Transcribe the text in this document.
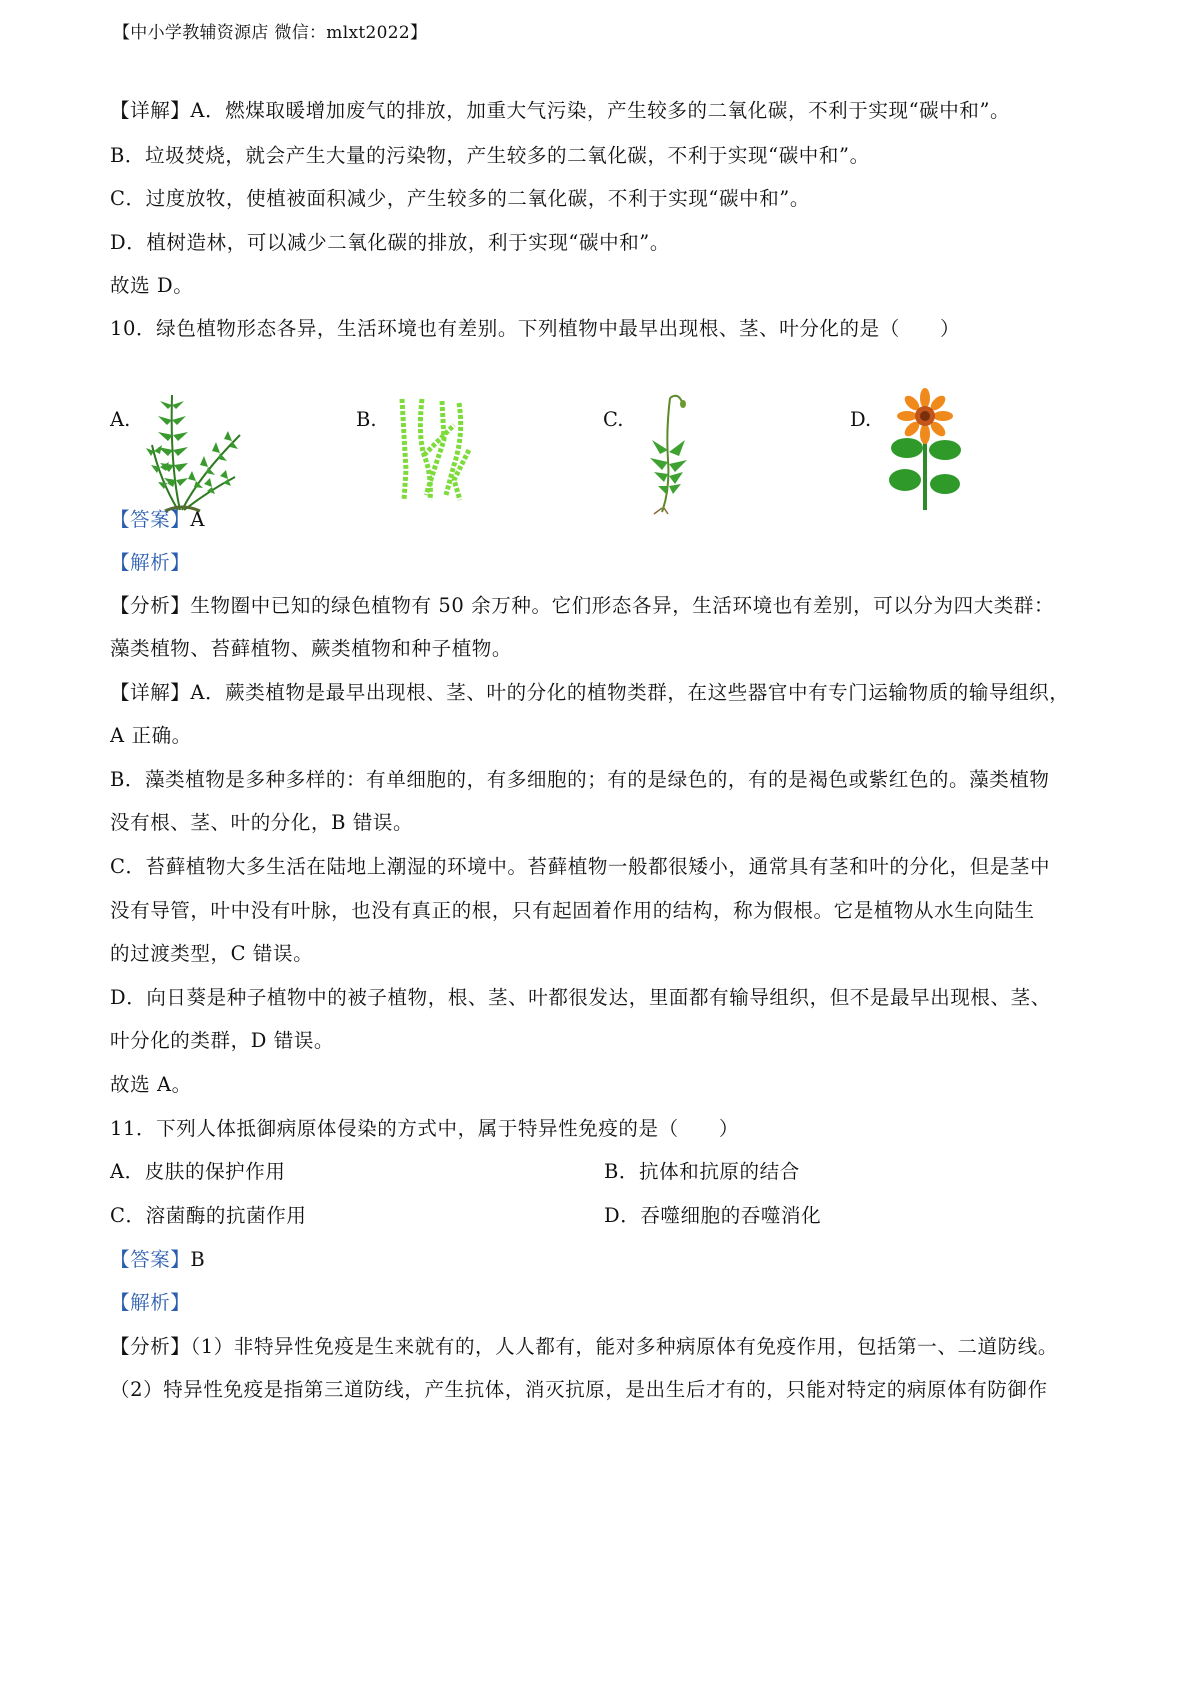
【中小学教辅资源店 微信：mlxt2022】
【详解】A．燃煤取暖增加废气的排放，加重大气污染，产生较多的二氧化碳，不利于实现“碳中和”。
B．垃圾焚烧，就会产生大量的污染物，产生较多的二氧化碳，不利于实现“碳中和”。
C．过度放牧，使植被面积减少，产生较多的二氧化碳，不利于实现“碳中和”。
D．植树造林，可以减少二氧化碳的排放，利于实现“碳中和”。
故选 D。
10．绿色植物形态各异，生活环境也有差别。下列植物中最早出现根、茎、叶分化的是（　　）
A.	B.	C.	D.
【答案】A
【解析】
【分析】生物圈中已知的绿色植物有 50 余万种。它们形态各异，生活环境也有差别，可以分为四大类群：
藻类植物、苔藓植物、蕨类植物和种子植物。
【详解】A．蕨类植物是最早出现根、茎、叶的分化的植物类群，在这些器官中有专门运输物质的输导组织，
A 正确。
B．藻类植物是多种多样的：有单细胞的，有多细胞的；有的是绿色的，有的是褐色或紫红色的。藻类植物
没有根、茎、叶的分化，B 错误。
C．苔藓植物大多生活在陆地上潮湿的环境中。苔藓植物一般都很矮小，通常具有茎和叶的分化，但是茎中
没有导管，叶中没有叶脉，也没有真正的根，只有起固着作用的结构，称为假根。它是植物从水生向陆生
的过渡类型，C 错误。
D．向日葵是种子植物中的被子植物，根、茎、叶都很发达，里面都有输导组织，但不是最早出现根、茎、
叶分化的类群，D 错误。
故选 A。
11．下列人体抵御病原体侵染的方式中，属于特异性免疫的是（　　）
A．皮肤的保护作用	B．抗体和抗原的结合
C．溶菌酶的抗菌作用	D．吞噬细胞的吞噬消化
【答案】B
【解析】
【分析】（1）非特异性免疫是生来就有的，人人都有，能对多种病原体有免疫作用，包括第一、二道防线。
（2）特异性免疫是指第三道防线，产生抗体，消灭抗原，是出生后才有的，只能对特定的病原体有防御作
